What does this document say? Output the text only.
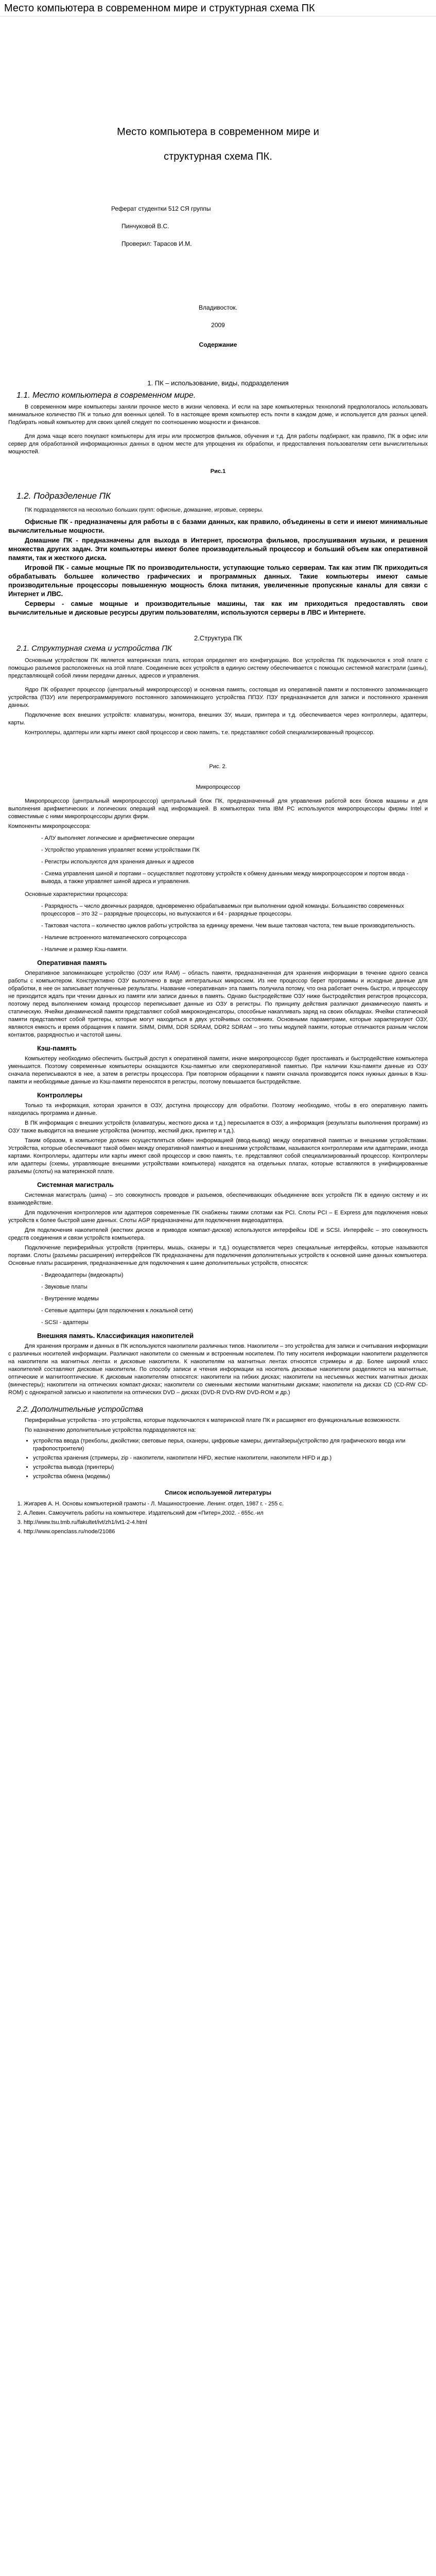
Место компьютера в современном мире и структурная схема ПК
Место компьютера в современном мире и
структурная схема ПК.

Реферат студентки 512 СЯ группы

Пинчуковой В.С.

Проверил: Тарасов И.М.

Владивосток.
2009
Содержание
1. ПК – использование, виды, подразделения
1.1. Место компьютера в современном мире.

В современном мире компьютеры заняли прочное место в жизни человека. И если на заре компьютерных технологий предпологалось использовать минимальное количество ПК и только для военных целей. То в настоящее время компьютер есть почти в каждом доме, и используется для разных целей. Подбирать новый компьютер для своих целей следует по соотношению мощности и финансов.

Для дома чаще всего покупают компьютеры для игры или просмотров фильмов, обучения и т.д. Для работы подбирают, как правило, ПК в офис или сервер для обработанной информационных данных в одном месте для упрощения их обработки, и предоставления пользователям сети вычислительных мощностей.

Рис.1
1.2. Подразделение ПК

ПК подразделяются на несколько больших групп: офисные, домашние, игровые, серверы.

Офисные ПК - предназначены для работы в с базами данных, как правило, объединены в сети и имеют минимальные вычислительные мощности.

Домашние ПК - предназначены для выхода в Интернет, просмотра фильмов, прослушивания музыки, и решения множества других задач. Эти компьютеры имеют более производительный процессор и больший объем как оперативной памяти, так и жесткого диска.

Игровой ПК - самые мощные ПК по производительности, уступающие только серверам. Так как этим ПК приходиться обрабатывать большее количество графических и программных данных. Такие компьютеры имеют самые производительные процессоры повышенную мощность блока питания, увеличенные пропускные каналы для связи с Интернет и ЛВС.

Серверы - самые мощные и производительные машины, так как им приходиться предоставлять свои вычислительные и дисковые ресурсы другим пользователям, используются серверы в ЛВС и Интернете.

2.Структура ПК
2.1. Структурная схема и устройства ПК

Основным устройством ПК является материнская плата, которая определяет его конфигурацию. Все устройства ПК подключаются к этой плате с помощью разъемов расположенных на этой плате. Соединение всех устройств в единую систему обеспечивается с помощью системной магистрали (шины), представляющей собой линии передачи данных, адресов и управления.

Ядро ПК образуют процессор (центральный микропроцессор) и основная память, состоящая из оперативной памяти и постоянного запоминающего устройства (ПЗУ) или перепрограммируемого постоянного запоминающего устройства ППЗУ. ПЗУ предназначается для записи и постоянного хранения данных.

Подключение всех внешних устройств: клавиатуры, монитора, внешних ЗУ, мыши, принтера и т.д. обеспечивается через контроллеры, адаптеры, карты.

Контроллеры, адаптеры или карты имеют свой процессор и свою память, т.е. представляют собой специализированный процессор.

Рис. 2.
Микропроцессор

Микропроцессор (центральный микропроцессор) центральный блок ПК, предназначенный для управления работой всех блоков машины и для выполнения арифметических и логических операций над информацией. В компьютерах типа IBM PC используются микропроцессоры фирмы Intel и совместимые с ними микропроцессоры других фирм.

Компоненты микропроцессора:

- АЛУ выполняет логические и арифметические операции
- Устройство управления управляет всеми устройствами ПК
- Регистры используются для хранения данных и адресов
- Схема управления шиной и портами – осуществляет подготовку устройств к обмену данными между микропроцессором и портом ввода - вывода, а также управляет шиной адреса и управления.

Основные характеристики процессора:

- Разрядность – число двоичных разрядов, одновременно обрабатываемых при выполнении одной команды. Большинство современных процессоров – это 32 – разрядные процессоры, но выпускаются и 64 - разрядные процессоры.
- Тактовая частота – количество циклов работы устройства за единицу времени. Чем выше тактовая частота, тем выше производительность.
- Наличие встроенного математического сопроцессора
- Наличие и размер Кэш-памяти.
Оперативная память

Оперативное запоминающее устройство (ОЗУ или RAM) – область памяти, предназначенная для хранения информации в течение одного сеанса работы с компьютером. Конструктивно ОЗУ выполнено в виде интегральных микросхем. Из нее процессор берет программы и исходные данные для обработки, в нее он записывает полученные результаты. Название «оперативная» эта память получила потому, что она работает очень быстро, и процессору не приходится ждать при чтении данных из памяти или записи данных в память. Однако быстродействие ОЗУ ниже быстродействия регистров процессора, поэтому перед выполнением команд процессор переписывает данные из ОЗУ в регистры. По принципу действия различают динамическую память и статическую. Ячейки динамической памяти представляют собой микроконденсаторы, способные накапливать заряд на своих обкладках. Ячейки статической памяти представляют собой триггеры, которые могут находиться в двух устойчивых состояниях. Основными параметрами, которые характеризуют ОЗУ, являются емкость и время обращения к памяти. SIMM, DIMM, DDR SDRAM, DDR2 SDRAM – это типы модулей памяти, которые отличаются разным числом контактов, разрядностью и частотой шины.

Кэш-память

Компьютеру необходимо обеспечить быстрый доступ к оперативной памяти, иначе микропроцессор будет простаивать и быстродействие компьютера уменьшится. Поэтому современные компьютеры оснащаются Кэш-памятью или сверхоперативной памятью. При наличии Кэш-памяти данные из ОЗУ сначала переписываются в нее, а затем в регистры процессора. При повторном обращении к памяти сначала производится поиск нужных данных в Кэш-памяти и необходимые данные из Кэш-памяти переносятся в регистры, поэтому повышается быстродействие.

Контроллеры

Только та информация, которая хранится в ОЗУ, доступна процессору для обработки. Поэтому необходимо, чтобы в его оперативную память находилась программа и данные.

В ПК информация с внешних устройств (клавиатуры, жесткого диска и т.д.) пересылается в ОЗУ, а информация (результаты выполнения программ) из ОЗУ также выводится на внешние устройства (монитор, жесткий диск, принтер и т.д.).

Таким образом, в компьютере должен осуществляться обмен информацией (ввод-вывод) между оперативной памятью и внешними устройствами. Устройства, которые обеспечивают такой обмен между оперативной памятью и внешними устройствами, называются контроллерами или адаптерами, иногда картами. Контроллеры, адаптеры или карты имеют свой процессор и свою память, т.е. представляют собой специализированный процессор. Контроллеры или адаптеры (схемы, управляющие внешними устройствами компьютера) находятся на отдельных платах, которые вставляются в унифицированные разъемы (слоты) на материнской плате.

Системная магистраль

Системная магистраль (шина) – это совокупность проводов и разъемов, обеспечивающих объединение всех устройств ПК в единую систему и их взаимодействие.

Для подключения контроллеров или адаптеров современные ПК снабжены такими слотами как PCI. Слоты PCI – E Express для подключения новых устройств к более быстрой шине данных. Слоты AGP предназначены для подключения видеоадаптера.

Для подключения накопителей (жестких дисков и приводов компакт-дисков) используются интерфейсы IDE и SCSI. Интерфейс – это совокупность средств соединения и связи устройств компьютера.

Подключение периферийных устройств (принтеры, мышь, сканеры и т.д.) осуществляется через специальные интерфейсы, которые называются портами. Слоты (разъемы расширения) интерфейсов ПК предназначены для подключения дополнительных устройств к основной шине данных компьютера. Основные платы расширения, предназначенные для подключения к шине дополнительных устройств, относятся:

- Видеоадаптеры (видеокарты)
- Звуковые платы
- Внутренние модемы
- Сетевые адаптеры (для подключения к локальной сети)
- SCSI - адаптеры
Внешняя память. Классификация накопителей

Для хранения программ и данных в ПК используются накопители различных типов. Накопители – это устройства для записи и считывания информации с различных носителей информации. Различают накопители со сменным и встроенным носителем. По типу носителя информации накопители разделяются на накопители на магнитных лентах и дисковые накопители. К накопителям на магнитных лентах относятся стримеры и др. Более широкий класс накопителей составляют дисковые накопители. По способу записи и чтения информации на носитель дисковые накопители разделяются на магнитные, оптические и магнитооптические. К дисковым накопителям относятся: накопители на гибких дисках; накопители на несъемных жестких магнитных дисках (винчестеры); накопители на оптических компакт-дисках; накопители со сменными жесткими магнитными дисками; накопители на дисках CD (CD-RW CD-ROM) с однократной записью и накопители на оптических DVD – дисках (DVD-R DVD-RW DVD-ROM и др.)

2.2. Дополнительные устройства

Периферийные устройства - это устройства, которые подключаются к материнской плате ПК и расширяют его функциональные возможности.

По назначению дополнительные устройства подразделяются на:

• устройства ввода (трекболы, джойстики; световые перья, сканеры, цифровые камеры, дигитайзеры(устройство для графического ввода или графопостроители)
• устройства хранения (стримеры, zip - накопители, накопители HiFD, жесткие накопители, накопители HIFD и др.)
• устройства вывода (принтеры)
• устройства обмена (модемы)
Список используемой литературы
1. Жигарев А. Н. Основы компьютерной грамоты - Л. Машиностроение. Ленинг. отдел, 1987 г. - 255 с.
2. А.Левин. Самоучитель работы на компьютере. Издательский дом «Питер»,2002. - 655с.-ил
3. http://www.tsu.tmb.ru/fakultet/ivt/zh1/ivt1-2-4.html
4. http://www.openclass.ru/node/21086
